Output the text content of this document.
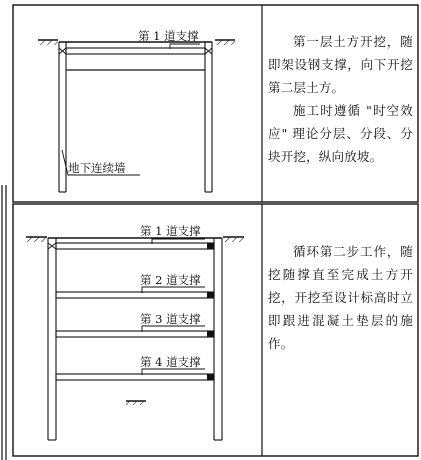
第 1 道支撑
地下连续墙
第 1 道支撑
第 2 道支撑
第 3 道支撑
第 4 道支撑

第一层土方开挖，随即架设钢支撑，向下开挖第二层土方。

施工时遵循 "时空效应" 理论分层、分段、分块开挖，纵向放坡。

循环第二步工作，随挖随撑直至完成土方开挖，开挖至设计标高时立即跟进混凝土垫层的施作。
